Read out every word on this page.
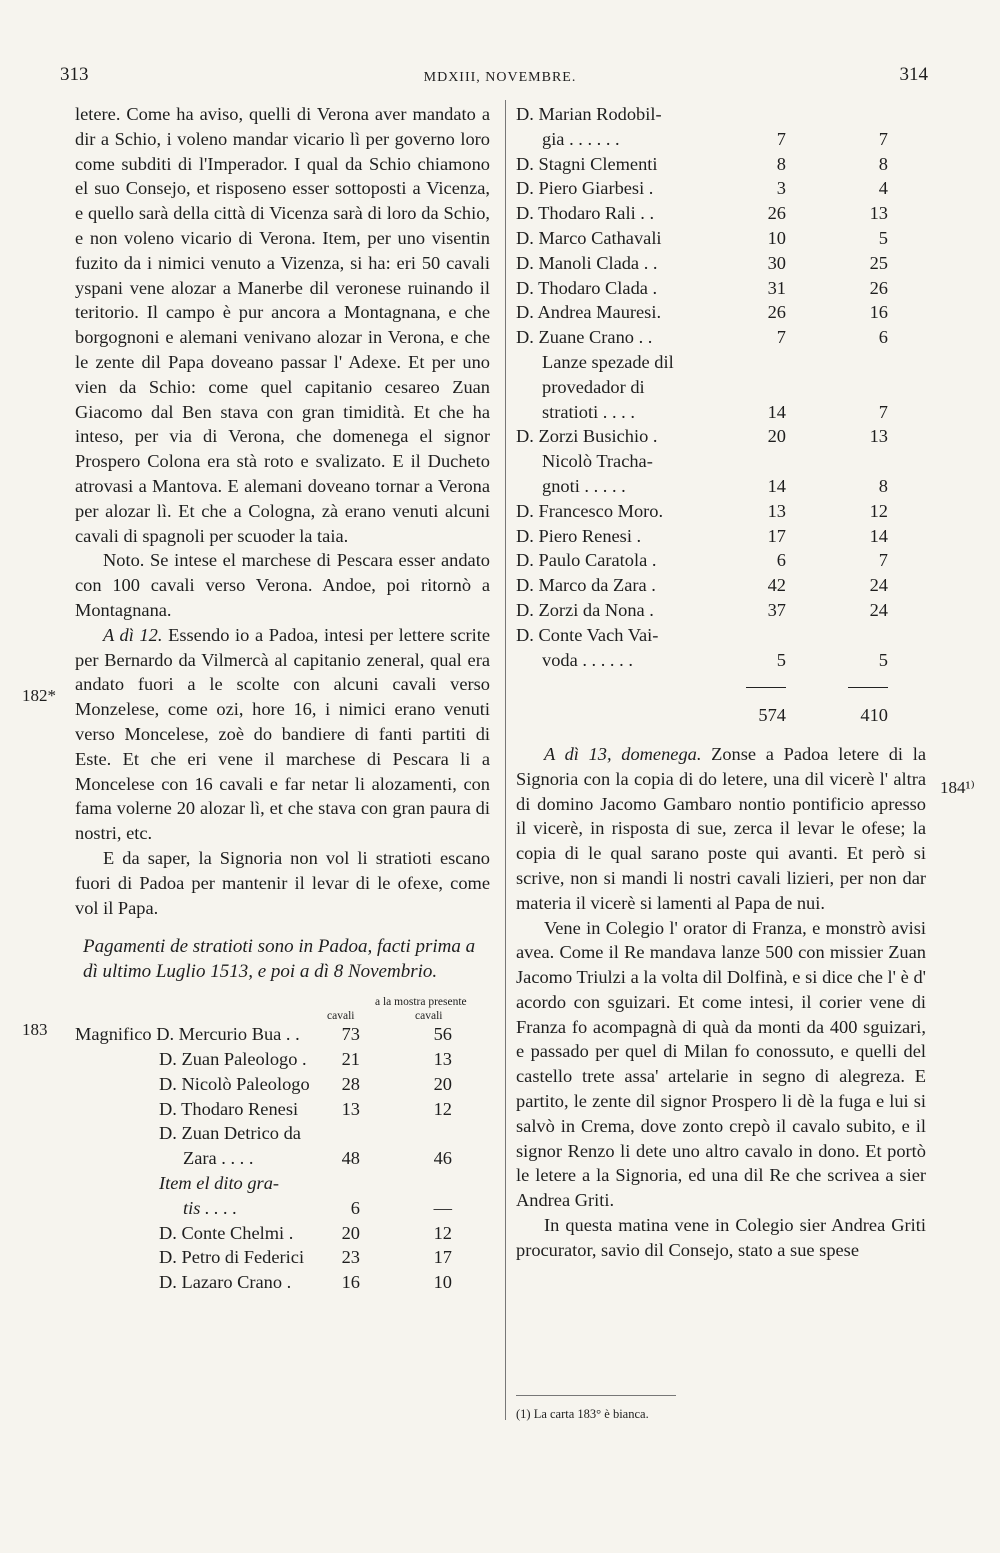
313	MDXIII, NOVEMBRE.	314
182*
183
184¹⁾

letere. Come ha aviso, quelli di Verona aver mandato a dir a Schio, i voleno mandar vicario lì per governo loro come subditi di l'Imperador. I qual da Schio chiamono el suo Consejo, et risposeno esser sottoposti a Vicenza, e quello sarà della città di Vicenza sarà di loro da Schio, e non voleno vicario di Verona. Item, per uno visentin fuzito da i nimici venuto a Vizenza, si ha: eri 50 cavali yspani vene alozar a Manerbe dil veronese ruinando il teritorio. Il campo è pur ancora a Montagnana, e che borgognoni e alemani venivano alozar in Verona, e che le zente dil Papa doveano passar l' Adexe. Et per uno vien da Schio: come quel capitanio cesareo Zuan Giacomo dal Ben stava con gran timidità. Et che ha inteso, per via di Verona, che domenega el signor Prospero Colona era stà roto e svalizato. E il Ducheto atrovasi a Mantova. E alemani doveano tornar a Verona per alozar lì. Et che a Cologna, zà erano venuti alcuni cavali di spagnoli per scuoder la taia.

Noto. Se intese el marchese di Pescara esser andato con 100 cavali verso Verona. Andoe, poi ritornò a Montagnana.

A dì 12. Essendo io a Padoa, intesi per lettere scrite per Bernardo da Vilmercà al capitanio zeneral, qual era andato fuori a le scolte con alcuni cavali verso Monzelese, come ozi, hore 16, i nimici erano venuti verso Moncelese, zoè do bandiere di fanti partiti di Este. Et che eri vene il marchese di Pescara li a Moncelese con 16 cavali e far netar li alozamenti, con fama volerne 20 alozar lì, et che stava con gran paura di nostri, etc.

E da saper, la Signoria non vol li stratioti escano fuori di Padoa per mantenir il levar di le ofexe, come vol il Papa.

Pagamenti de stratioti sono in Padoa, facti prima a dì ultimo Luglio 1513, e poi a dì 8 Novembrio.

cavali
a la mostra presente
cavali
Magnifico D. Mercurio Bua . .	73	56
D. Zuan Paleologo .	21	13
D. Nicolò Paleologo	28	20
D. Thodaro Renesi	13	12
D. Zuan Detrico da		
Zara . . . .	48	46
Item el dito gra-		
tis . . . .	6	—
D. Conte Chelmi .	20	12
D. Petro di Federici	23	17
D. Lazaro Crano .	16	10
D. Marian Rodobil-		
gia . . . . . .	7	7
D. Stagni Clementi	8	8
D. Piero Giarbesi .	3	4
D. Thodaro Rali . .	26	13
D. Marco Cathavali	10	5
D. Manoli Clada . .	30	25
D. Thodaro Clada .	31	26
D. Andrea Mauresi.	26	16
D. Zuane Crano . .	7	6
Lanze spezade dil		
provedador di		
stratioti . . . .	14	7
D. Zorzi Busichio .	20	13
Nicolò Tracha-		
gnoti . . . . .	14	8
D. Francesco Moro.	13	12
D. Piero Renesi .	17	14
D. Paulo Caratola .	6	7
D. Marco da Zara .	42	24
D. Zorzi da Nona .	37	24
D. Conte Vach Vai-		
voda . . . . . .	5	5

	574	410

A dì 13, domenega. Zonse a Padoa letere di la Signoria con la copia di do letere, una dil vicerè l' altra di domino Jacomo Gambaro nontio pontificio apresso il vicerè, in risposta di sue, zerca il levar le ofese; la copia di le qual sarano poste qui avanti. Et però si scrive, non si mandi li nostri cavali lizieri, per non dar materia il vicerè si lamenti al Papa de nui.

Vene in Colegio l' orator di Franza, e monstrò avisi avea. Come il Re mandava lanze 500 con missier Zuan Jacomo Triulzi a la volta dil Dolfinà, e si dice che l' è d' acordo con sguizari. Et come intesi, il corier vene di Franza fo acompagnà di quà da monti da 400 sguizari, e passado per quel di Milan fo conossuto, e quelli del castello trete assa' artelarie in segno di alegreza. E partito, le zente dil signor Prospero li dè la fuga e lui si salvò in Crema, dove zonto crepò il cavalo subito, e il signor Renzo li dete uno altro cavalo in dono. Et portò le letere a la Signoria, ed una dil Re che scrivea a sier Andrea Griti.

In questa matina vene in Colegio sier Andrea Griti procurator, savio dil Consejo, stato a sue spese

(1) La carta 183° è bianca.
